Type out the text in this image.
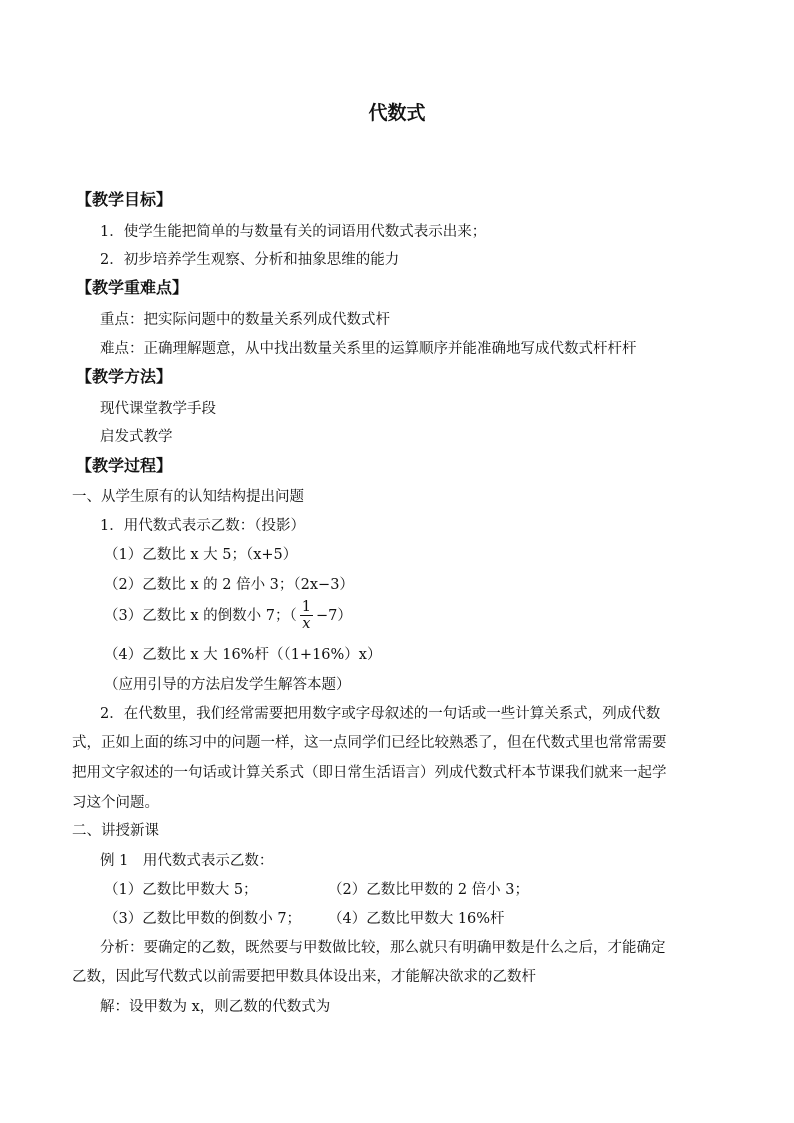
代数式
【教学目标】
1．使学生能把简单的与数量有关的词语用代数式表示出来；
2．初步培养学生观察、分析和抽象思维的能力
【教学重难点】
重点：把实际问题中的数量关系列成代数式杆
难点：正确理解题意，从中找出数量关系里的运算顺序并能准确地写成代数式杆杆杆
【教学方法】
现代课堂教学手段
启发式教学
【教学过程】
一、从学生原有的认知结构提出问题
1．用代数式表示乙数：（投影）
（1）乙数比 x 大 5；（x+5）
（2）乙数比 x 的 2 倍小 3；（2x−3）
（3）乙数比 x 的倒数小 7；（ $\frac{1}{x} -7$）
（4）乙数比 x 大 16%杆（（1+16%）x）
（应用引导的方法启发学生解答本题）
2．在代数里，我们经常需要把用数字或字母叙述的一句话或一些计算关系式，列成代数
式，正如上面的练习中的问题一样，这一点同学们已经比较熟悉了，但在代数式里也常常需要
把用文字叙述的一句话或计算关系式（即日常生活语言）列成代数式杆本节课我们就来一起学
习这个问题。
二、讲授新课
例 1　用代数式表示乙数：
（1）乙数比甲数大 5；	（2）乙数比甲数的 2 倍小 3；
（3）乙数比甲数的倒数小 7； （4）乙数比甲数大 16%杆
分析：要确定的乙数，既然要与甲数做比较，那么就只有明确甲数是什么之后，才能确定
乙数，因此写代数式以前需要把甲数具体设出来，才能解决欲求的乙数杆
解：设甲数为 x，则乙数的代数式为
